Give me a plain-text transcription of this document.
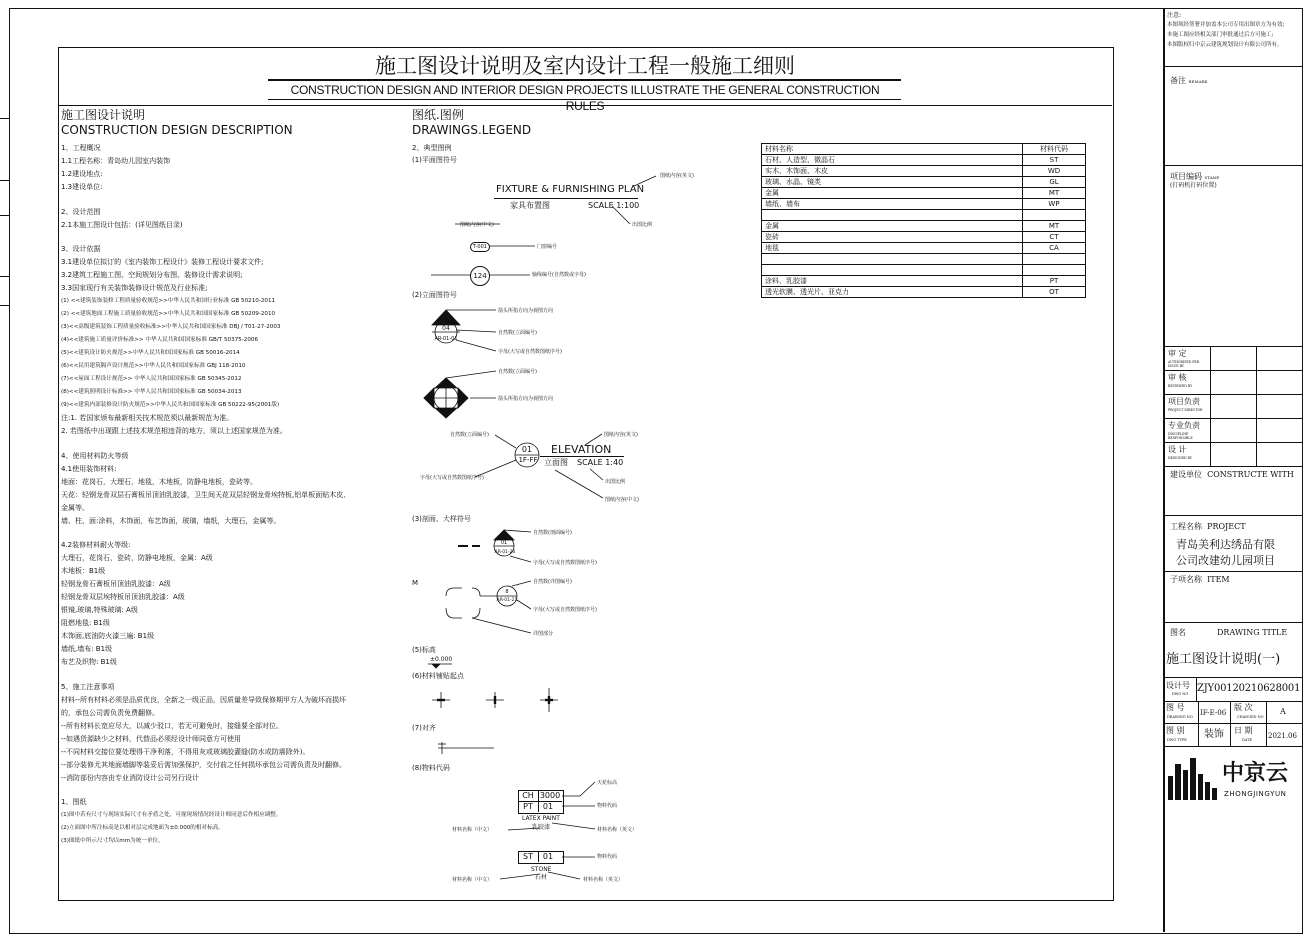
施工图设计说明及室内设计工程一般施工细则
CONSTRUCTION DESIGN AND INTERIOR DESIGN PROJECTS ILLUSTRATE THE GENERAL CONSTRUCTION RULES
施工图设计说明
CONSTRUCTION DESIGN DESCRIPTION
1、工程概况
1.1工程名称：青岛幼儿园室内装饰
1.2建设地点:
1.3建设单位:
2、设计范围
2.1本施工图设计包括：(详见图纸目录)
3、设计依据
3.1建设单位拟订的《室内装饰工程设计》装修工程设计要求文件;
3.2建筑工程施工图、空间规划分布图、装修设计需求说明;
3.3国家现行有关装饰装修设计规范及行业标准;
(1) <<建筑装饰装修工程质量验收规范>>中华人民共和国行业标准 GB 50210-2011
(2) <<建筑地面工程施工质量验收规范>>中华人民共和国国家标准 GB 50209-2010
(3)<<高级建筑装饰工程质量验收标准>>中华人民共和国国家标准 DBJ / T01-27-2003
(4)<<建筑施工质量评价标准>> 中华人民共和国国家标准 GB/T 50375-2006
(5)<<建筑设计防火规范>>中华人民共和国国家标准 GB 50016-2014
(6)<<民用建筑隔声设计规范>>中华人民共和国国家标准 GBJ 118-2010
(7)<<屋面工程设计规范>> 中华人民共和国国家标准 GB 50345-2012
(8)<<建筑照明设计标准>> 中华人民共和国国家标准 GB 50034-2013
(9)<<建筑内部装修设计防火规范>>中华人民共和国国家标准 GB 50222-95(2001版)
注:1. 若国家颁布最新相关技术规范须以最新规范为准。
2. 若图纸中出现跟上述技术规范相违背的地方，须以上述国家规范为准。
4、使用材料防火等级
4.1使用装饰材料:
地面：花岗石，大理石，地毯，木地板，防静电地板，瓷砖等。
天花：轻钢龙骨双层石膏板吊顶油乳胶漆，卫生间天花双层轻钢龙骨埃特板,铝单板面贴木皮、
金属等。
墙、柱、面:涂料，木饰面，布艺饰面，玻璃，墙纸，大理石，金属等。
4.2装修材料耐火等级:
大理石，花岗石，瓷砖，防静电地板，金属：A级
木地板：B1级
轻钢龙骨石膏板吊顶油乳胶漆：A级
轻钢龙骨双层埃特板吊顶油乳胶漆：A级
银镜,玻璃,特殊玻璃: A级
阻燃地毯: B1级
木饰面,底油防火漆三遍: B1级
墙纸,墙布: B1级
布艺及织物: B1级
5、施工注意事项
材料--所有材料必须是品质优良，全新之一级正品，因质量差导致保修期甲方人为破坏而损坏
的，承包公司需负责免费翻修。
--所有材料长宽应尽大，以减少驳口，若无可避免时，接缝要全部对位。
--如遇货源缺少之材料，代替品必须经设计师同意方可使用
--不同材料交接位要处理得干净利落，不得用灰或玻璃胶灌缝(防水或防震除外)。
--部分装修尤其地面墙脚等装妥后需加强保护，交付前之任何损坏承包公司需负责及时翻修。
--消防部份内容由专业消防设计公司另行设计
1、图纸
(1)图中若有尺寸与现场实际尺寸有矛盾之处，可视现场情况经设计师同意后作相应调整。
(2)立面图中所注标高是以相对层完成地面为±0.000的相对标高。
(3)图纸中所示尺寸均以mm为统一单位。
图纸.图例
DRAWINGS.LEGEND
2、典型图例
(1)平面图符号
FIXTURE & FURNISHING PLAN
家具布置图	SCALE 1:100
图纸内容(英文)
图纸内容(中文)	出图比例
T-001	门窗编号
124	轴线编号(自然数或字母)
(2)立面图符号
04
AR-01-01
箭头所指方向为视图方向
自然数(立面编号)
字母(大写或自然数图纸序号)
自然数(立面编号)
箭头所指方向为视图方向
自然数(立面编号)	图纸内容(英文)
01
1F-FF
ELEVATION
立面图 SCALE 1:40
字母(大写或自然数图纸序号)
出图比例
图纸内容(中文)
(3)剖面、大样符号
01
AR-01-20
自然数(剖面编号)
字母(大写或自然数图纸序号)
M
8
AR-01-21
自然数(详图编号)
字母(大写或自然数图纸序号)
详图部分
(5)标高
±0.000
(6)材料铺贴起点
(7)对齐
(8)物料代码
CH 3000
PT	01
天花标高
物料代码
LATEX PAINT
乳胶漆
材料名称（中文）	材料名称（英文）
ST	01	物料代码
STONE
石材
材料名称（中文）	材料名称（英文）
材料名称	材料代码
石材、人造型、微晶石	ST
实木、木饰面、木皮	WD
玻璃、水晶、镜类	GL
金属	MT
墙纸、墙布	WP

金属	MT
瓷砖	CT
地毯	CA

涂料、乳胶漆	PT
透光软膜、透光片、亚克力	OT
注意:
本图须经签署并加盖本公司专用出图章方为有效;
本施工图应经相关部门审批通过后方可施工;
本图版权归中京云建筑规划设计有限公司所有。
备注 REMARK
项目编码 STAMP
(打码机打码位置)
审 定
AUTHORIZED PER ISSUE BY
审 核
REVIEWED BY
项目负责
PROJECT DIRECTOR
专业负责
DISCIPLINE RESPONSIBLE
设 计
DESIGNED BY
建设单位 CONSTRUCTE WITH
工程名称 PROJECT
青岛美利达绣品有限
公司改建幼儿园项目
子项名称 ITEM
图名	DRAWING TITLE
施工图设计说明(一)
设计号
DWG NO ZJY00120210628001
图 号
DRAWING NO IF-E-06
版 次
CHANGED NO
A
图 别
DWG TYPE 装饰 日 期
DATE 2021.06
中京云
ZHONGJINGYUN
